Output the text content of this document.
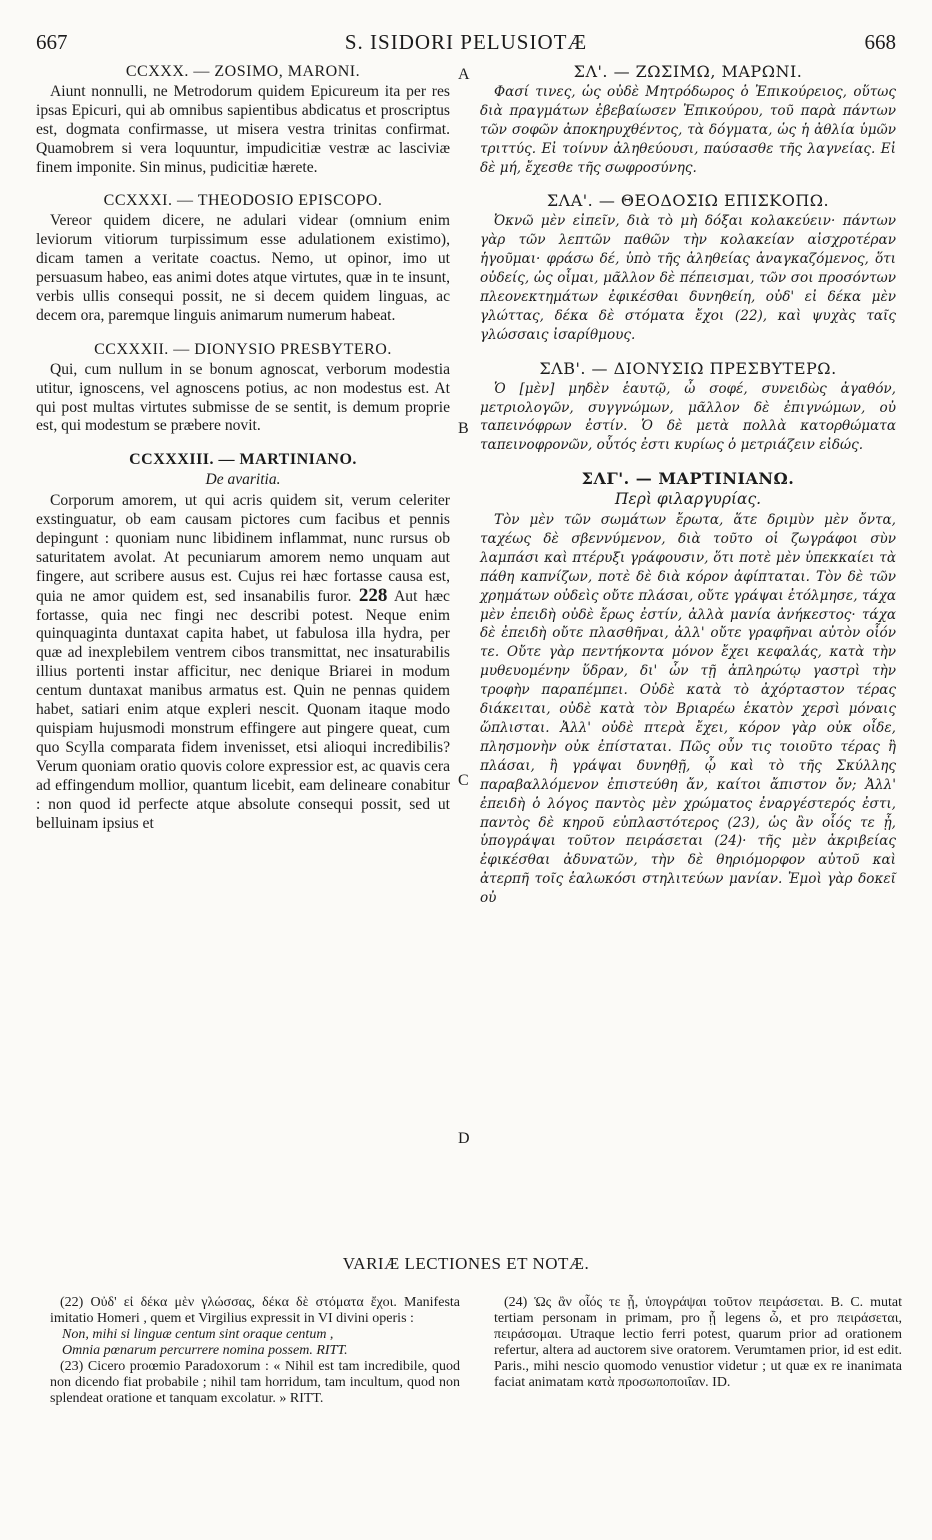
667	S. ISIDORI PELUSIOTÆ	668
A
B
C
D
CCXXX. — ZOSIMO, MARONI.

Aiunt nonnulli, ne Metrodorum quidem Epicureum ita per res ipsas Epicuri, qui ab omnibus sapientibus abdicatus et proscriptus est, dogmata confirmasse, ut misera vestra trinitas confirmat. Quamobrem si vera loquuntur, impudicitiæ vestræ ac lasciviæ finem imponite. Sin minus, pudicitiæ hærete.

CCXXXI. — THEODOSIO EPISCOPO.

Vereor quidem dicere, ne adulari videar (omnium enim leviorum vitiorum turpissimum esse adulationem existimo), dicam tamen a veritate coactus. Nemo, ut opinor, imo ut persuasum habeo, eas animi dotes atque virtutes, quæ in te insunt, verbis ullis consequi possit, ne si decem quidem linguas, ac decem ora, paremque linguis animarum numerum habeat.

CCXXXII. — DIONYSIO PRESBYTERO.

Qui, cum nullum in se bonum agnoscat, verborum modestia utitur, ignoscens, vel agnoscens potius, ac non modestus est. At qui post multas virtutes submisse de se sentit, is demum proprie est, qui modestum se præbere novit.

CCXXXIII. — MARTINIANO.
De avaritia.

Corporum amorem, ut qui acris quidem sit, verum celeriter exstinguatur, ob eam causam pictores cum facibus et pennis depingunt : quoniam nunc libidinem inflammat, nunc rursus ob saturitatem avolat. At pecuniarum amorem nemo unquam aut fingere, aut scribere ausus est. Cujus rei hæc fortasse causa est, quia ne amor quidem est, sed insanabilis furor. 228 Aut hæc fortasse, quia nec fingi nec describi potest. Neque enim quinquaginta duntaxat capita habet, ut fabulosa illa hydra, per quæ ad inexplebilem ventrem cibos transmittat, nec insaturabilis illius portenti instar afficitur, nec denique Briarei in modum centum duntaxat manibus armatus est. Quin ne pennas quidem habet, satiari enim atque expleri nescit. Quonam itaque modo quispiam hujusmodi monstrum effingere aut pingere queat, cum quo Scylla comparata fidem invenisset, etsi alioqui incredibilis? Verum quoniam oratio quovis colore expressior est, ac quavis cera ad effingendum mollior, quantum licebit, eam delineare conabitur : non quod id perfecte atque absolute consequi possit, sed ut belluinam ipsius et

ΣΛ'. — ΖΩΣΙΜΩ, ΜΑΡΩΝΙ.

Φασί τινες, ὡς οὐδὲ Μητρόδωρος ὁ Ἐπικούρειος, οὕτως διὰ πραγμάτων ἐβεβαίωσεν Ἐπικούρου, τοῦ παρὰ πάντων τῶν σοφῶν ἀποκηρυχθέντος, τὰ δόγματα, ὡς ἡ ἀθλία ὑμῶν τριττύς. Εἰ τοίνυν ἀληθεύουσι, παύσασθε τῆς λαγνείας. Εἰ δὲ μή, ἔχεσθε τῆς σωφροσύνης.

ΣΛΑ'. — ΘΕΟΔΟΣΙΩ ΕΠΙΣΚΟΠΩ.

Ὀκνῶ μὲν εἰπεῖν, διὰ τὸ μὴ δόξαι κολακεύειν· πάντων γὰρ τῶν λεπτῶν παθῶν τὴν κολακείαν αἰσχροτέραν ἡγοῦμαι· φράσω δέ, ὑπὸ τῆς ἀληθείας ἀναγκαζόμενος, ὅτι οὐδείς, ὡς οἶμαι, μᾶλλον δὲ πέπεισμαι, τῶν σοι προσόντων πλεονεκτημάτων ἐφικέσθαι δυνηθείη, οὐδ' εἰ δέκα μὲν γλώττας, δέκα δὲ στόματα ἔχοι (22), καὶ ψυχὰς ταῖς γλώσσαις ἰσαρίθμους.

ΣΛΒ'. — ΔΙΟΝΥΣΙΩ ΠΡΕΣΒΥΤΕΡΩ.

Ὁ [μὲν] μηδὲν ἑαυτῷ, ὦ σοφέ, συνειδὼς ἀγαθόν, μετριολογῶν, συγγνώμων, μᾶλλον δὲ ἐπιγνώμων, οὐ ταπεινόφρων ἐστίν. Ὁ δὲ μετὰ πολλὰ κατορθώματα ταπεινοφρονῶν, οὗτός ἐστι κυρίως ὁ μετριάζειν εἰδώς.

ΣΛΓ'. — ΜΑΡΤΙΝΙΑΝΩ.
Περὶ φιλαργυρίας.

Τὸν μὲν τῶν σωμάτων ἔρωτα, ἅτε δριμὺν μὲν ὄντα, ταχέως δὲ σβεννύμενον, διὰ τοῦτο οἱ ζωγράφοι σὺν λαμπάσι καὶ πτέρυξι γράφουσιν, ὅτι ποτὲ μὲν ὑπεκκαίει τὰ πάθη καπνίζων, ποτὲ δὲ διὰ κόρον ἀφίπταται. Τὸν δὲ τῶν χρημάτων οὐδεὶς οὔτε πλάσαι, οὔτε γράψαι ἐτόλμησε, τάχα μὲν ἐπειδὴ οὐδὲ ἔρως ἐστίν, ἀλλὰ μανία ἀνήκεστος· τάχα δὲ ἐπειδὴ οὔτε πλασθῆναι, ἀλλ' οὔτε γραφῆναι αὐτὸν οἷόν τε. Οὔτε γὰρ πεντήκοντα μόνον ἔχει κεφαλάς, κατὰ τὴν μυθευομένην ὕδραν, δι' ὧν τῇ ἀπληρώτῳ γαστρὶ τὴν τροφὴν παραπέμπει. Οὐδὲ κατὰ τὸ ἀχόρταστον τέρας διάκειται, οὐδὲ κατὰ τὸν Βριαρέω ἑκατὸν χερσὶ μόναις ὥπλισται. Ἀλλ' οὐδὲ πτερὰ ἔχει, κόρον γὰρ οὐκ οἶδε, πλησμονὴν οὐκ ἐπίσταται. Πῶς οὖν τις τοιοῦτο τέρας ἢ πλάσαι, ἢ γράψαι δυνηθῇ, ᾧ καὶ τὸ τῆς Σκύλλης παραβαλλόμενον ἐπιστεύθη ἄν, καίτοι ἄπιστον ὄν; Ἀλλ' ἐπειδὴ ὁ λόγος παντὸς μὲν χρώματος ἐναργέστερός ἐστι, παντὸς δὲ κηροῦ εὐπλαστότερος (23), ὡς ἂν οἷός τε ᾖ, ὑπογράψαι τοῦτον πειράσεται (24)· τῆς μὲν ἀκριβείας ἐφικέσθαι ἀδυνατῶν, τὴν δὲ θηριόμορφον αὐτοῦ καὶ ἀτερπῆ τοῖς ἑαλωκόσι στηλιτεύων μανίαν. Ἐμοὶ γὰρ δοκεῖ οὐ

VARIÆ LECTIONES ET NOTÆ.

(22) Οὐδ' εἰ δέκα μὲν γλώσσας, δέκα δὲ στόματα ἔχοι. Manifesta imitatio Homeri , quem et Virgilius expressit in VI divini operis :

Non, mihi si linguæ centum sint oraque centum ,

Omnia pœnarum percurrere nomina possem. RITT.

(23) Cicero proœmio Paradoxorum : « Nihil est tam incredibile, quod non dicendo fiat probabile ; nihil tam horridum, tam incultum, quod non splendeat oratione et tanquam excolatur. » RITT.

(24) Ὡς ἂν οἷός τε ᾖ, ὑπογράψαι τοῦτον πειράσεται. B. C. mutat tertiam personam in primam, pro ᾖ legens ὦ, et pro πειράσεται, πειράσομαι. Utraque lectio ferri potest, quarum prior ad orationem refertur, altera ad auctorem sive oratorem. Verumtamen prior, id est edit. Paris., mihi nescio quomodo venustior videtur ; ut quæ ex re inanimata faciat animatam κατὰ προσωποποιΐαν. ID.
